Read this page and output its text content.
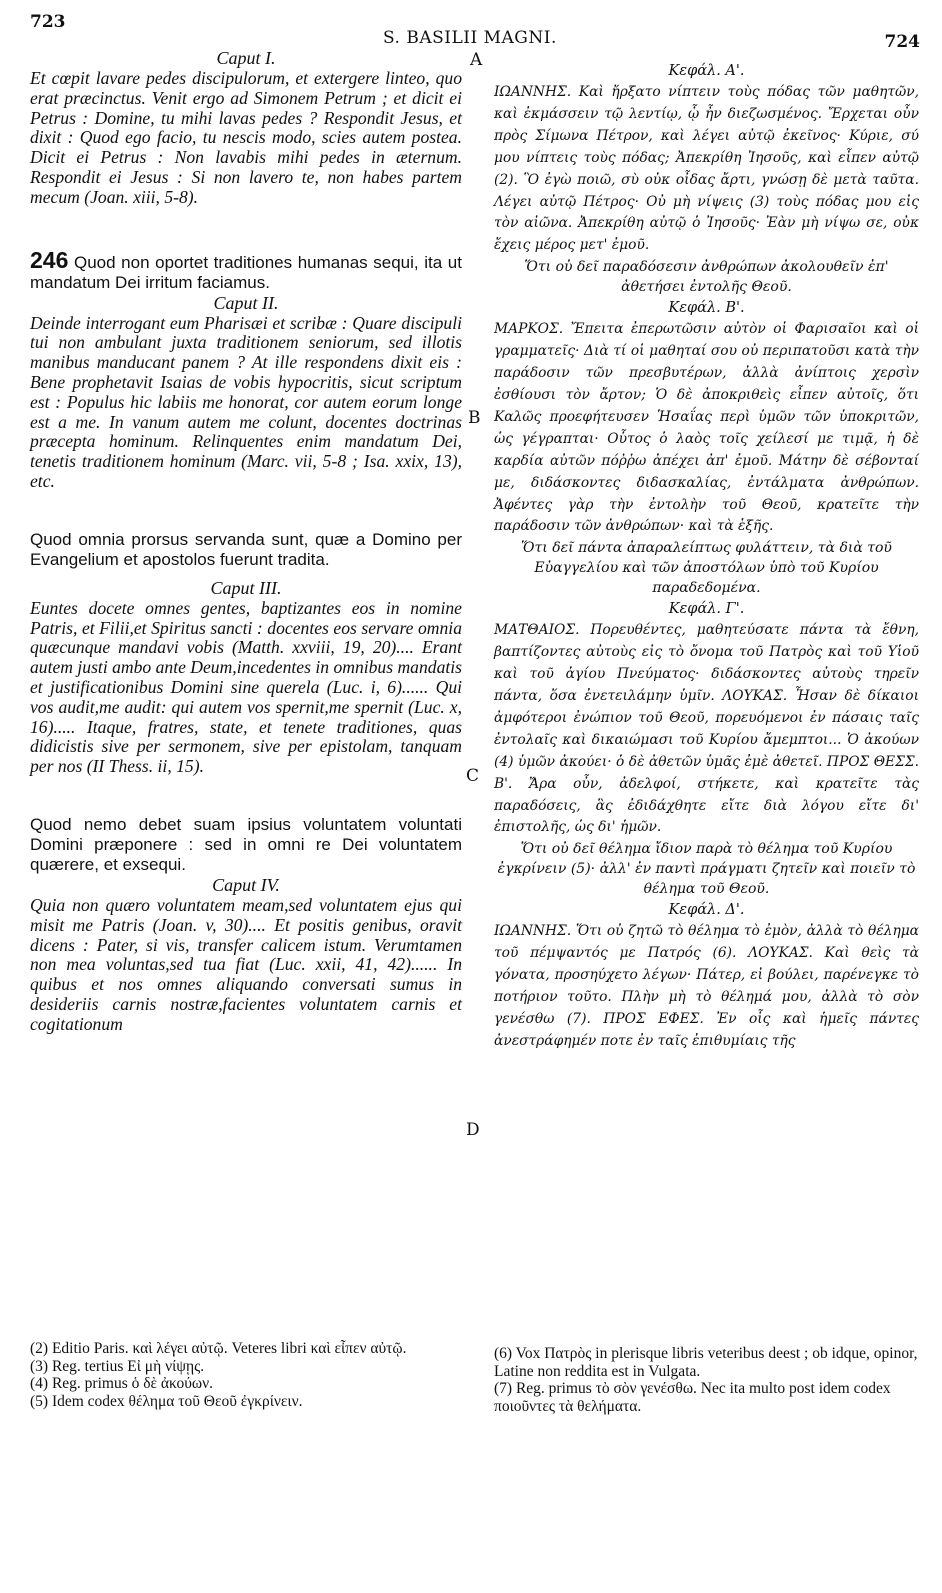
723
S. BASILII MAGNI.	724
A
B
C
D

Caput I.

Et cœpit lavare pedes discipulorum, et extergere linteo, quo erat præcinctus. Venit ergo ad Simonem Petrum ; et dicit ei Petrus : Domine, tu mihi lavas pedes ? Respondit Jesus, et dixit : Quod ego facio, tu nescis modo, scies autem postea. Dicit ei Petrus : Non lavabis mihi pedes in æternum. Respondit ei Jesus : Si non lavero te, non habes partem mecum (Joan. xiii, 5-8).

246 Quod non oportet traditiones humanas sequi, ita ut mandatum Dei irritum faciamus.

Caput II.

Deinde interrogant eum Pharisæi et scribæ : Quare discipuli tui non ambulant juxta traditionem seniorum, sed illotis manibus manducant panem ? At ille respondens dixit eis : Bene prophetavit Isaias de vobis hypocritis, sicut scriptum est : Populus hic labiis me honorat, cor autem eorum longe est a me. In vanum autem me colunt, docentes doctrinas præcepta hominum. Relinquentes enim mandatum Dei, tenetis traditionem hominum (Marc. vii, 5-8 ; Isa. xxix, 13), etc.

Quod omnia prorsus servanda sunt, quæ a Domino per Evangelium et apostolos fuerunt tradita.

Caput III.

Euntes docete omnes gentes, baptizantes eos in nomine Patris, et Filii,et Spiritus sancti : docentes eos servare omnia quæcunque mandavi vobis (Matth. xxviii, 19, 20).... Erant autem justi ambo ante Deum,incedentes in omnibus mandatis et justificationibus Domini sine querela (Luc. i, 6)...... Qui vos audit,me audit: qui autem vos spernit,me spernit (Luc. x, 16)..... Itaque, fratres, state, et tenete traditiones, quas didicistis sive per sermonem, sive per epistolam, tanquam per nos (II Thess. ii, 15).

Quod nemo debet suam ipsius voluntatem voluntati Domini præponere : sed in omni re Dei voluntatem quærere, et exsequi.

Caput IV.

Quia non quæro voluntatem meam,sed voluntatem ejus qui misit me Patris (Joan. v, 30).... Et positis genibus, oravit dicens : Pater, si vis, transfer calicem istum. Verumtamen non mea voluntas,sed tua fiat (Luc. xxii, 41, 42)...... In quibus et nos omnes aliquando conversati sumus in desideriis carnis nostræ,facientes voluntatem carnis et cogitationum

Κεφάλ. Α'.

ΙΩΑΝΝΗΣ. Καὶ ἤρξατο νίπτειν τοὺς πόδας τῶν μαθητῶν, καὶ ἐκμάσσειν τῷ λεντίῳ, ᾧ ἦν διεζωσμένος. Ἔρχεται οὖν πρὸς Σίμωνα Πέτρον, καὶ λέγει αὐτῷ ἐκεῖνος· Κύριε, σύ μου νίπτεις τοὺς πόδας; Ἀπεκρίθη Ἰησοῦς, καὶ εἶπεν αὐτῷ (2). Ὃ ἐγὼ ποιῶ, σὺ οὐκ οἶδας ἄρτι, γνώσῃ δὲ μετὰ ταῦτα. Λέγει αὐτῷ Πέτρος· Οὐ μὴ νίψεις (3) τοὺς πόδας μου εἰς τὸν αἰῶνα. Ἀπεκρίθη αὐτῷ ὁ Ἰησοῦς· Ἐὰν μὴ νίψω σε, οὐκ ἔχεις μέρος μετ' ἐμοῦ.

Ὅτι οὐ δεῖ παραδόσεσιν ἀνθρώπων ἀκολουθεῖν ἐπ' ἀθετήσει ἐντολῆς Θεοῦ.

Κεφάλ. Β'.

ΜΑΡΚΟΣ. Ἔπειτα ἐπερωτῶσιν αὐτὸν οἱ Φαρισαῖοι καὶ οἱ γραμματεῖς· Διὰ τί οἱ μαθηταί σου οὐ περιπατοῦσι κατὰ τὴν παράδοσιν τῶν πρεσβυτέρων, ἀλλὰ ἀνίπτοις χερσὶν ἐσθίουσι τὸν ἄρτον; Ὁ δὲ ἀποκριθεὶς εἶπεν αὐτοῖς, ὅτι Καλῶς προεφήτευσεν Ἡσαΐας περὶ ὑμῶν τῶν ὑποκριτῶν, ὡς γέγραπται· Οὗτος ὁ λαὸς τοῖς χείλεσί με τιμᾷ, ἡ δὲ καρδία αὐτῶν πόῤῥω ἀπέχει ἀπ' ἐμοῦ. Μάτην δὲ σέβονταί με, διδάσκοντες διδασκαλίας, ἐντάλματα ἀνθρώπων. Ἀφέντες γὰρ τὴν ἐντολὴν τοῦ Θεοῦ, κρατεῖτε τὴν παράδοσιν τῶν ἀνθρώπων· καὶ τὰ ἑξῆς.

Ὅτι δεῖ πάντα ἀπαραλείπτως φυλάττειν, τὰ διὰ τοῦ Εὐαγγελίου καὶ τῶν ἀποστόλων ὑπὸ τοῦ Κυρίου παραδεδομένα.

Κεφάλ. Γ'.

ΜΑΤΘΑΙΟΣ. Πορευθέντες, μαθητεύσατε πάντα τὰ ἔθνη, βαπτίζοντες αὐτοὺς εἰς τὸ ὄνομα τοῦ Πατρὸς καὶ τοῦ Υἱοῦ καὶ τοῦ ἁγίου Πνεύματος· διδάσκοντες αὐτοὺς τηρεῖν πάντα, ὅσα ἐνετειλάμην ὑμῖν. ΛΟΥΚΑΣ. Ἦσαν δὲ δίκαιοι ἀμφότεροι ἐνώπιον τοῦ Θεοῦ, πορευόμενοι ἐν πάσαις ταῖς ἐντολαῖς καὶ δικαιώμασι τοῦ Κυρίου ἄμεμπτοι... Ὁ ἀκούων (4) ὑμῶν ἀκούει· ὁ δὲ ἀθετῶν ὑμᾶς ἐμὲ ἀθετεῖ. ΠΡΟΣ ΘΕΣΣ. Β'. Ἄρα οὖν, ἀδελφοί, στήκετε, καὶ κρατεῖτε τὰς παραδόσεις, ἃς ἐδιδάχθητε εἴτε διὰ λόγου εἴτε δι' ἐπιστολῆς, ὡς δι' ἡμῶν.

Ὅτι οὐ δεῖ θέλημα ἴδιον παρὰ τὸ θέλημα τοῦ Κυρίου ἐγκρίνειν (5)· ἀλλ' ἐν παντὶ πράγματι ζητεῖν καὶ ποιεῖν τὸ θέλημα τοῦ Θεοῦ.

Κεφάλ. Δ'.

ΙΩΑΝΝΗΣ. Ὅτι οὐ ζητῶ τὸ θέλημα τὸ ἐμὸν, ἀλλὰ τὸ θέλημα τοῦ πέμψαντός με Πατρός (6). ΛΟΥΚΑΣ. Καὶ θεὶς τὰ γόνατα, προσηύχετο λέγων· Πάτερ, εἰ βούλει, παρένεγκε τὸ ποτήριον τοῦτο. Πλὴν μὴ τὸ θέλημά μου, ἀλλὰ τὸ σὸν γενέσθω (7). ΠΡΟΣ ΕΦΕΣ. Ἐν οἷς καὶ ἡμεῖς πάντες ἀνεστράφημέν ποτε ἐν ταῖς ἐπιθυμίαις τῆς

(2) Editio Paris. καὶ λέγει αὐτῷ. Veteres libri καὶ εἶπεν αὐτῷ.
(3) Reg. tertius Εἰ μὴ νίψῃς.
(4) Reg. primus ὁ δὲ ἀκούων.
(5) Idem codex θέλημα τοῦ Θεοῦ ἐγκρίνειν.
(6) Vox Πατρὸς in plerisque libris veteribus deest ; ob idque, opinor, Latine non reddita est in Vulgata.
(7) Reg. primus τὸ σὸν γενέσθω. Nec ita multo post idem codex ποιοῦντες τὰ θελήματα.
